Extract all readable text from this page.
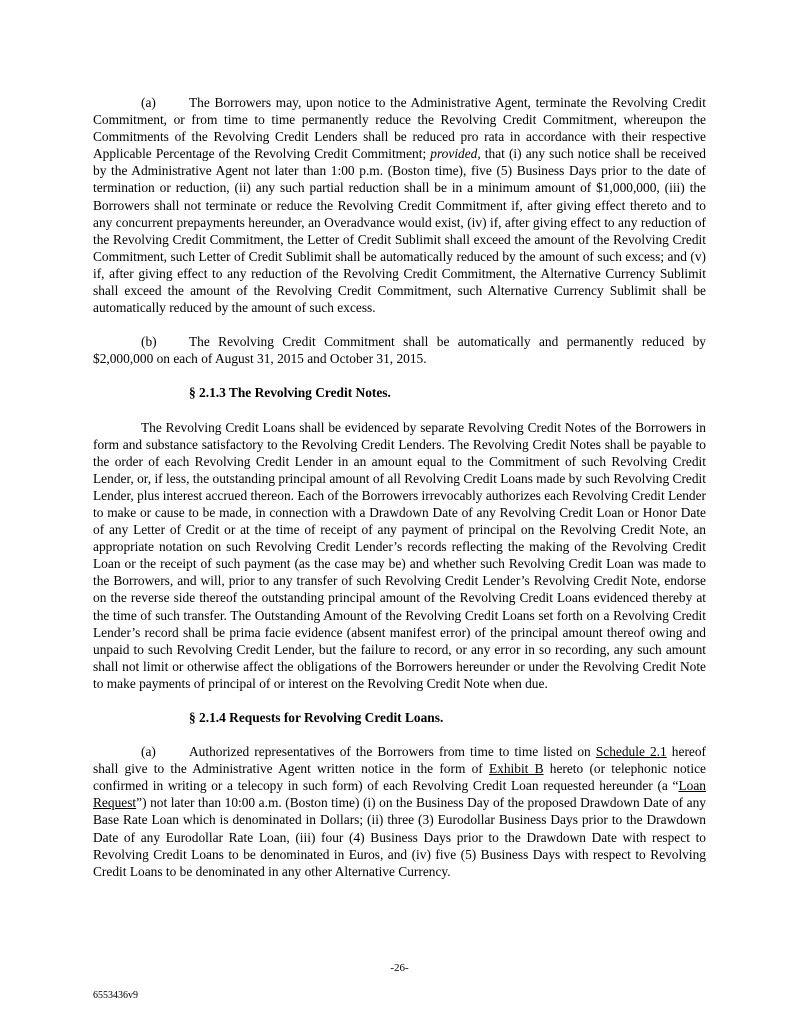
(a) The Borrowers may, upon notice to the Administrative Agent, terminate the Revolving Credit Commitment, or from time to time permanently reduce the Revolving Credit Commitment, whereupon the Commitments of the Revolving Credit Lenders shall be reduced pro rata in accordance with their respective Applicable Percentage of the Revolving Credit Commitment; provided, that (i) any such notice shall be received by the Administrative Agent not later than 1:00 p.m. (Boston time), five (5) Business Days prior to the date of termination or reduction, (ii) any such partial reduction shall be in a minimum amount of $1,000,000, (iii) the Borrowers shall not terminate or reduce the Revolving Credit Commitment if, after giving effect thereto and to any concurrent prepayments hereunder, an Overadvance would exist, (iv) if, after giving effect to any reduction of the Revolving Credit Commitment, the Letter of Credit Sublimit shall exceed the amount of the Revolving Credit Commitment, such Letter of Credit Sublimit shall be automatically reduced by the amount of such excess; and (v) if, after giving effect to any reduction of the Revolving Credit Commitment, the Alternative Currency Sublimit shall exceed the amount of the Revolving Credit Commitment, such Alternative Currency Sublimit shall be automatically reduced by the amount of such excess.

(b) The Revolving Credit Commitment shall be automatically and permanently reduced by $2,000,000 on each of August 31, 2015 and October 31, 2015.

§ 2.1.3 The Revolving Credit Notes.

The Revolving Credit Loans shall be evidenced by separate Revolving Credit Notes of the Borrowers in form and substance satisfactory to the Revolving Credit Lenders. The Revolving Credit Notes shall be payable to the order of each Revolving Credit Lender in an amount equal to the Commitment of such Revolving Credit Lender, or, if less, the outstanding principal amount of all Revolving Credit Loans made by such Revolving Credit Lender, plus interest accrued thereon. Each of the Borrowers irrevocably authorizes each Revolving Credit Lender to make or cause to be made, in connection with a Drawdown Date of any Revolving Credit Loan or Honor Date of any Letter of Credit or at the time of receipt of any payment of principal on the Revolving Credit Note, an appropriate notation on such Revolving Credit Lender’s records reflecting the making of the Revolving Credit Loan or the receipt of such payment (as the case may be) and whether such Revolving Credit Loan was made to the Borrowers, and will, prior to any transfer of such Revolving Credit Lender’s Revolving Credit Note, endorse on the reverse side thereof the outstanding principal amount of the Revolving Credit Loans evidenced thereby at the time of such transfer. The Outstanding Amount of the Revolving Credit Loans set forth on a Revolving Credit Lender’s record shall be prima facie evidence (absent manifest error) of the principal amount thereof owing and unpaid to such Revolving Credit Lender, but the failure to record, or any error in so recording, any such amount shall not limit or otherwise affect the obligations of the Borrowers hereunder or under the Revolving Credit Note to make payments of principal of or interest on the Revolving Credit Note when due.

§ 2.1.4 Requests for Revolving Credit Loans.

(a) Authorized representatives of the Borrowers from time to time listed on Schedule 2.1 hereof shall give to the Administrative Agent written notice in the form of Exhibit B hereto (or telephonic notice confirmed in writing or a telecopy in such form) of each Revolving Credit Loan requested hereunder (a “Loan Request”) not later than 10:00 a.m. (Boston time) (i) on the Business Day of the proposed Drawdown Date of any Base Rate Loan which is denominated in Dollars; (ii) three (3) Eurodollar Business Days prior to the Drawdown Date of any Eurodollar Rate Loan, (iii) four (4) Business Days prior to the Drawdown Date with respect to Revolving Credit Loans to be denominated in Euros, and (iv) five (5) Business Days with respect to Revolving Credit Loans to be denominated in any other Alternative Currency.

-26-
6553436v9
